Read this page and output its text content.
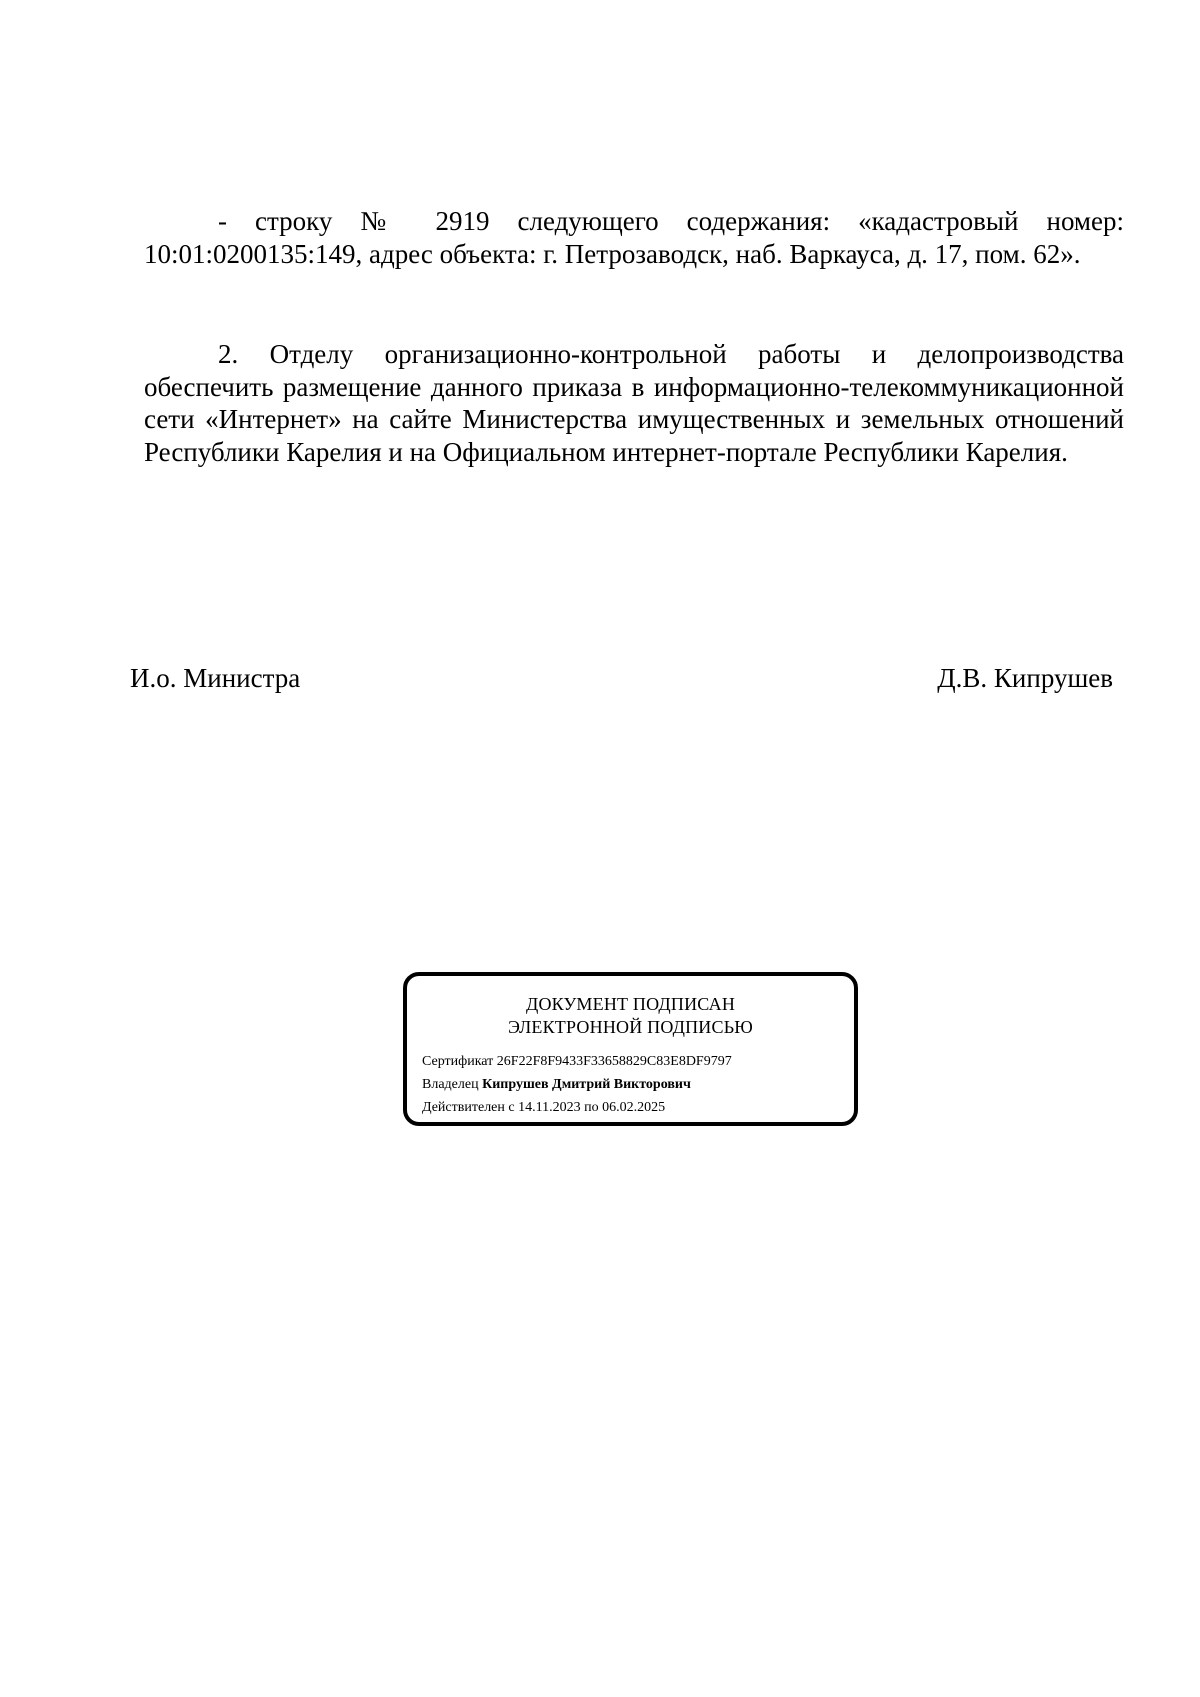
- строку № 2919 следующего содержания: «кадастровый номер: 10:01:0200135:149, адрес объекта: г. Петрозаводск, наб. Варкауса, д. 17, пом. 62».

2. Отделу организационно-контрольной работы и делопроизводства обеспечить размещение данного приказа в информационно-телекоммуникационной сети «Интернет» на сайте Министерства имущественных и земельных отношений Республики Карелия и на Официальном интернет-портале Республики Карелия.

И.о. Министра	Д.В. Кипрушев
ДОКУМЕНТ ПОДПИСАН
ЭЛЕКТРОННОЙ ПОДПИСЬЮ
Сертификат 26F22F8F9433F33658829C83E8DF9797
Владелец Кипрушев Дмитрий Викторович
Действителен с 14.11.2023 по 06.02.2025
